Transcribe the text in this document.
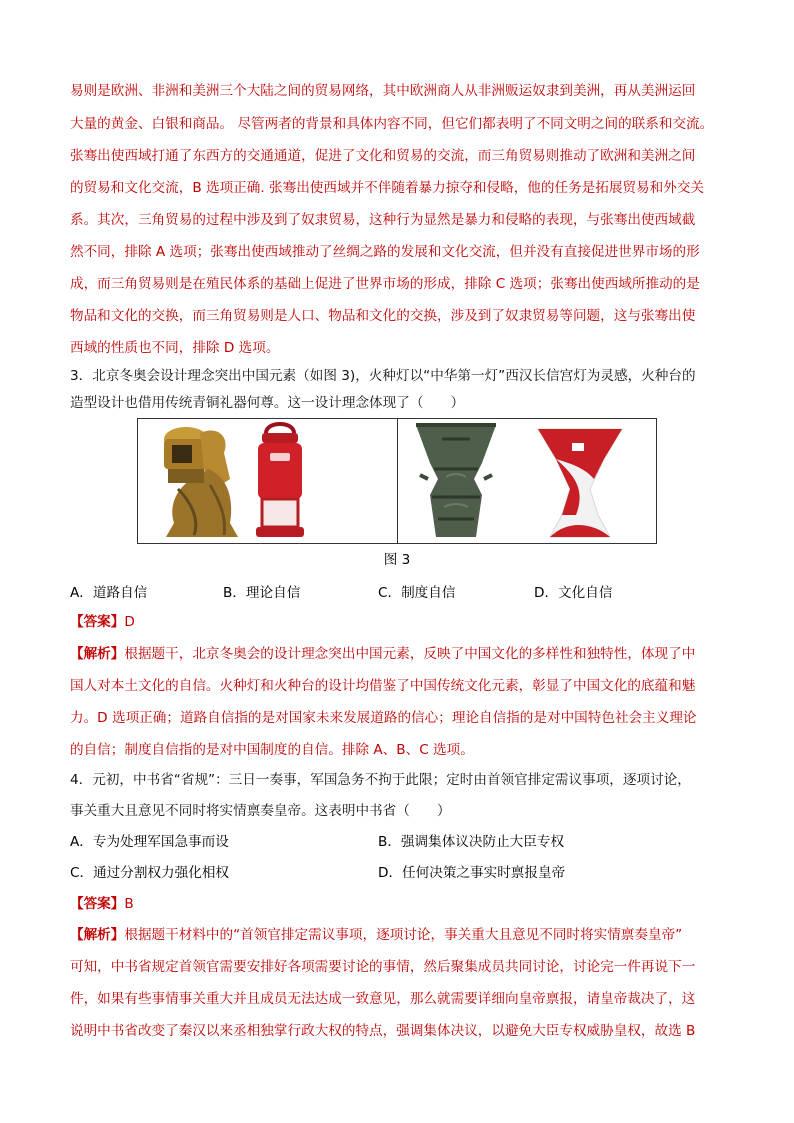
易则是欧洲、非洲和美洲三个大陆之间的贸易网络，其中欧洲商人从非洲贩运奴隶到美洲，再从美洲运回
大量的黄金、白银和商品。 尽管两者的背景和具体内容不同，但它们都表明了不同文明之间的联系和交流。
张骞出使西域打通了东西方的交通通道，促进了文化和贸易的交流，而三角贸易则推动了欧洲和美洲之间
的贸易和文化交流，B 选项正确. 张骞出使西域并不伴随着暴力掠夺和侵略，他的任务是拓展贸易和外交关
系。其次，三角贸易的过程中涉及到了奴隶贸易，这种行为显然是暴力和侵略的表现，与张骞出使西域截
然不同，排除 A 选项；张骞出使西域推动了丝绸之路的发展和文化交流，但并没有直接促进世界市场的形
成，而三角贸易则是在殖民体系的基础上促进了世界市场的形成，排除 C 选项；张骞出使西域所推动的是
物品和文化的交换，而三角贸易则是人口、物品和文化的交换，涉及到了奴隶贸易等问题，这与张骞出使
西域的性质也不同，排除 D 选项。
3．北京冬奥会设计理念突出中国元素（如图 3)，火种灯以“中华第一灯”西汉长信宫灯为灵感，火种台的
造型设计也借用传统青铜礼器何尊。这一设计理念体现了（　　）
图 3
A．道路自信	B．理论自信	C．制度自信	D．文化自信
【答案】D
【解析】根据题干，北京冬奥会的设计理念突出中国元素，反映了中国文化的多样性和独特性，体现了中
国人对本土文化的自信。火种灯和火种台的设计均借鉴了中国传统文化元素，彰显了中国文化的底蕴和魅
力。D 选项正确；道路自信指的是对国家未来发展道路的信心；理论自信指的是对中国特色社会主义理论
的自信；制度自信指的是对中国制度的自信。排除 A、B、C 选项。
4．元初，中书省“省规”：三日一奏事，军国急务不拘于此限；定时由首领官排定需议事项，逐项讨论，
事关重大且意见不同时将实情禀奏皇帝。这表明中书省（　　）
A．专为处理军国急事而设	B．强调集体议决防止大臣专权
C．通过分割权力强化相权	D．任何决策之事实时禀报皇帝
【答案】B
【解析】根据题干材料中的“首领官排定需议事项，逐项讨论，事关重大且意见不同时将实情禀奏皇帝”
可知，中书省规定首领官需要安排好各项需要讨论的事情，然后聚集成员共同讨论，讨论完一件再说下一
件，如果有些事情事关重大并且成员无法达成一致意见，那么就需要详细向皇帝禀报，请皇帝裁决了，这
说明中书省改变了秦汉以来丞相独掌行政大权的特点，强调集体决议，以避免大臣专权威胁皇权，故选 B
